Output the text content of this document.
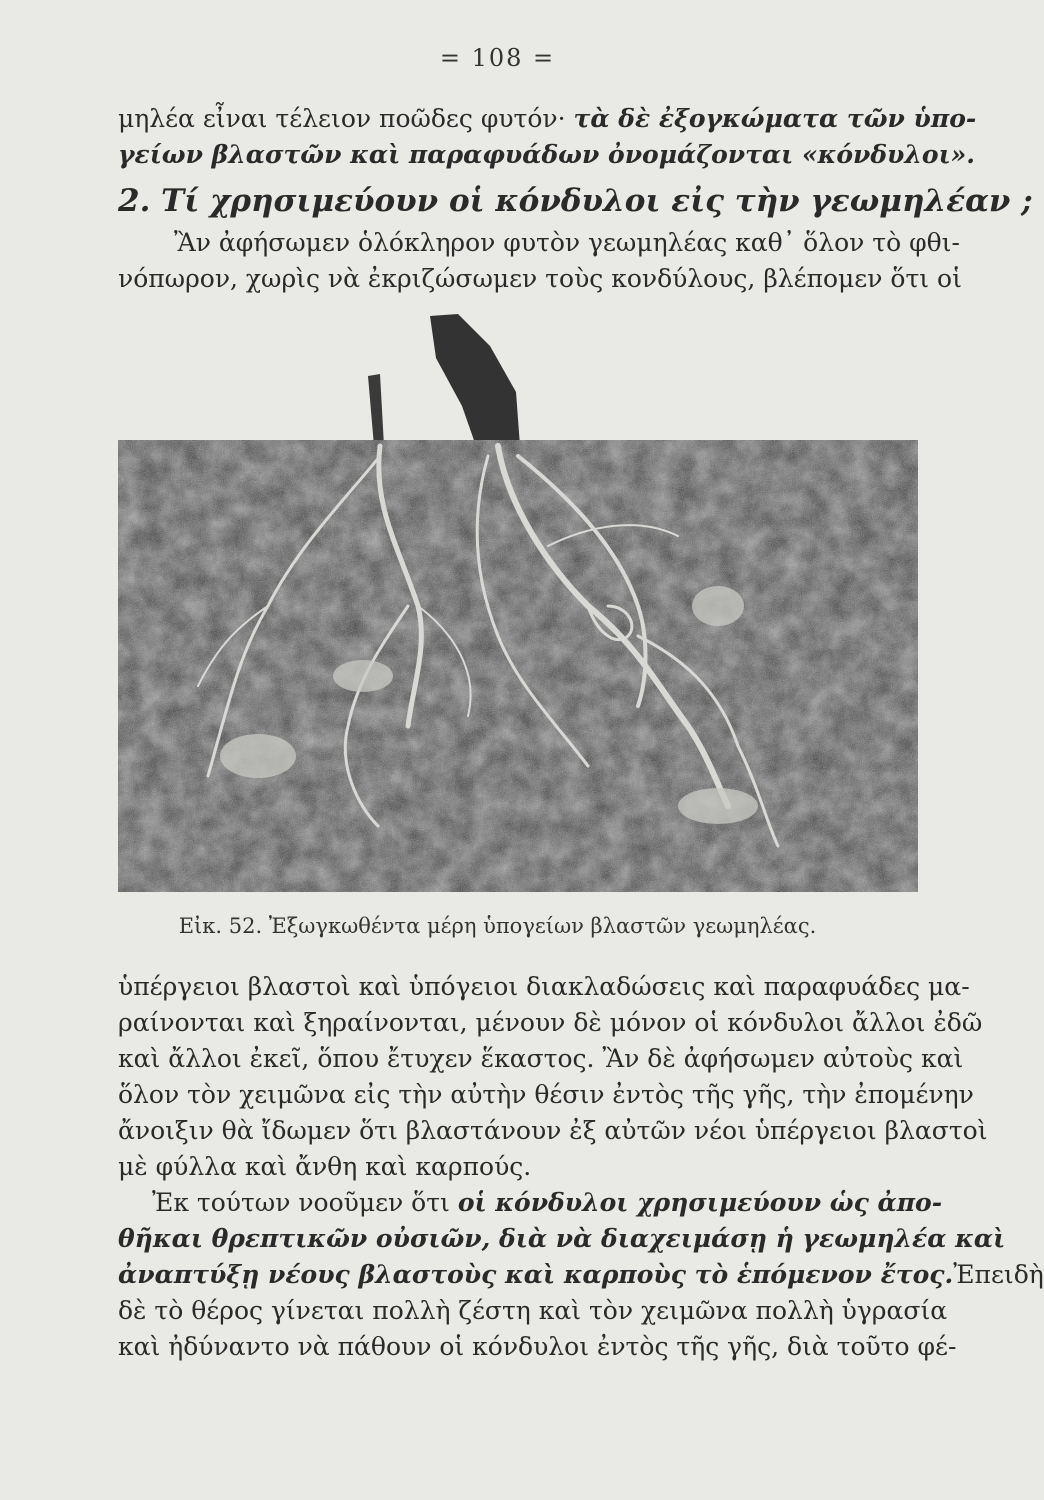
= 108 =
μηλέα εἶναι τέλειον ποῶδες φυτόν· τὰ δὲ ἐξογκώματα τῶν ὑπο-
γείων βλαστῶν καὶ παραφυάδων ὀνομάζονται «κόνδυλοι».
2. Τί χρησιμεύουν οἱ κόνδυλοι εἰς τὴν γεωμηλέαν ;
Ἂν ἀφήσωμεν ὁλόκληρον φυτὸν γεωμηλέας καθ᾿ ὅλον τὸ φθι-
νόπωρον, χωρὶς νὰ ἐκριζώσωμεν τοὺς κονδύλους, βλέπομεν ὅτι οἱ
Εἰκ. 52. Ἐξωγκωθέντα μέρη ὑπογείων βλαστῶν γεωμηλέας.
ὑπέργειοι βλαστοὶ καὶ ὑπόγειοι διακλαδώσεις καὶ παραφυάδες μα-
ραίνονται καὶ ξηραίνονται, μένουν δὲ μόνον οἱ κόνδυλοι ἄλλοι ἐδῶ
καὶ ἄλλοι ἐκεῖ, ὅπου ἔτυχεν ἕκαστος. Ἂν δὲ ἀφήσωμεν αὐτοὺς καὶ
ὅλον τὸν χειμῶνα εἰς τὴν αὐτὴν θέσιν ἐντὸς τῆς γῆς, τὴν ἐπομένην
ἄνοιξιν θὰ ἴδωμεν ὅτι βλαστάνουν ἐξ αὐτῶν νέοι ὑπέργειοι βλαστοὶ
μὲ φύλλα καὶ ἄνθη καὶ καρπούς.
Ἐκ τούτων νοοῦμεν ὅτι οἱ κόνδυλοι χρησιμεύουν ὡς ἀπο-
θῆκαι θρεπτικῶν οὐσιῶν, διὰ νὰ διαχειμάσῃ ἡ γεωμηλέα καὶ
ἀναπτύξῃ νέους βλαστοὺς καὶ καρποὺς τὸ ἑπόμενον ἔτος.Ἐπειδὴ
δὲ τὸ θέρος γίνεται πολλὴ ζέστη καὶ τὸν χειμῶνα πολλὴ ὑγρασία
καὶ ἠδύναντο νὰ πάθουν οἱ κόνδυλοι ἐντὸς τῆς γῆς, διὰ τοῦτο φέ-
